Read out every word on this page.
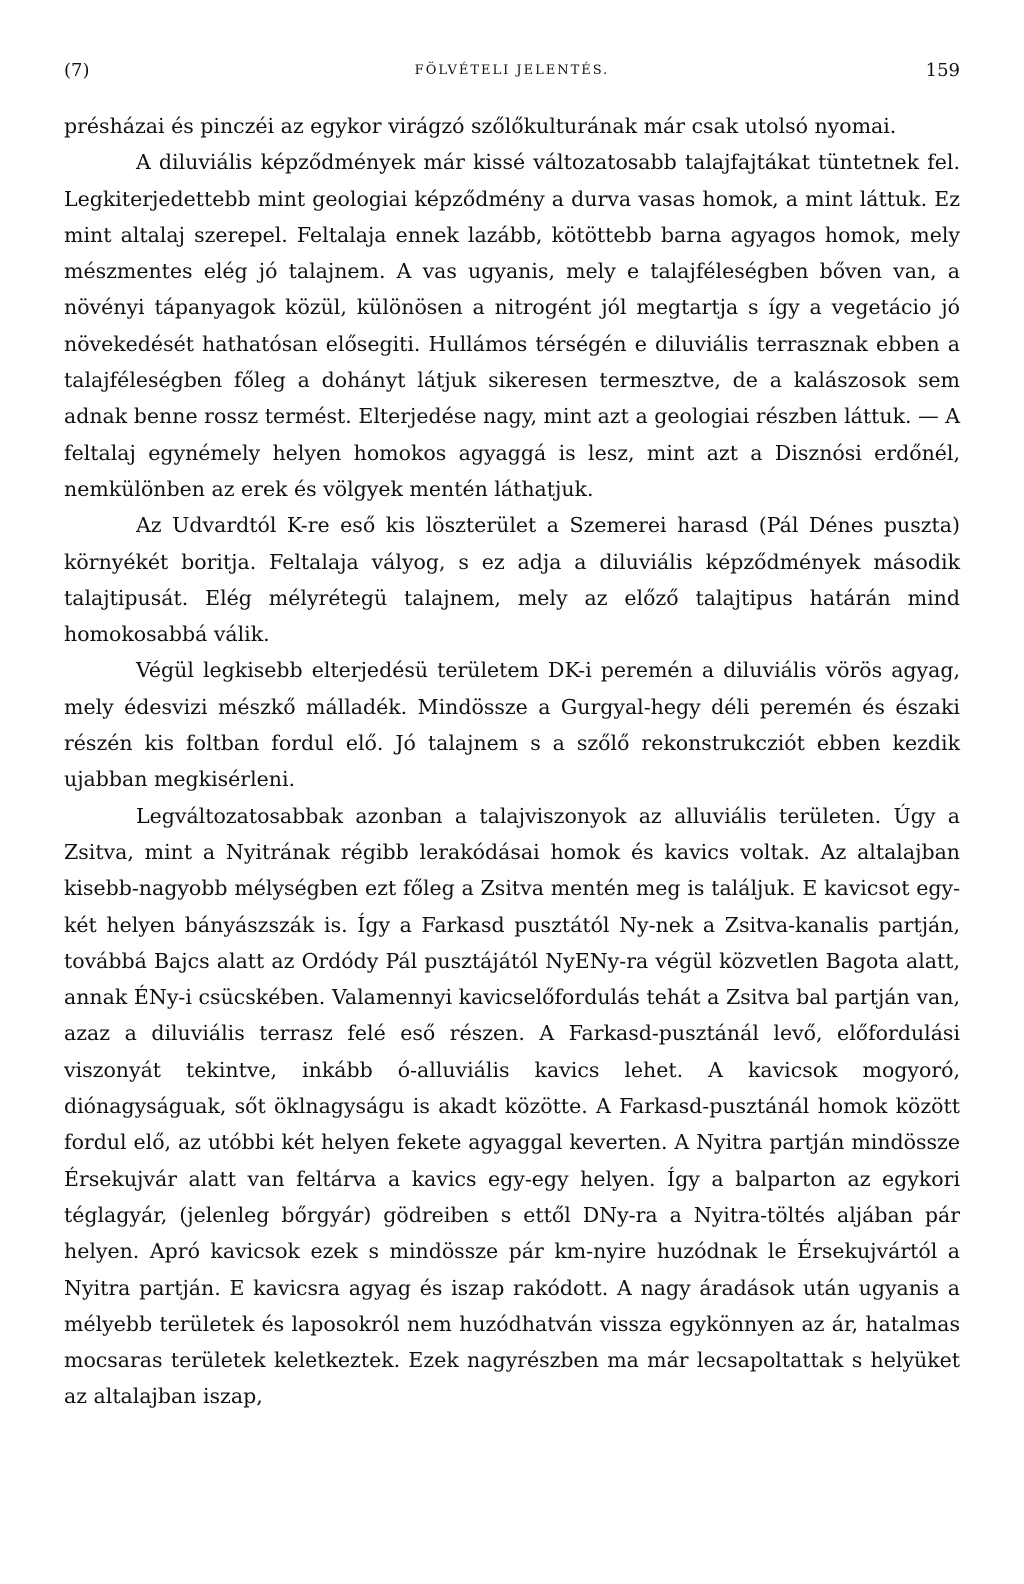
(7)	FÖLVÉTELI JELENTÉS.	159

présházai és pinczéi az egykor virágzó szőlőkulturának már csak utolsó nyomai.

A diluviális képződmények már kissé változatosabb talajfajtákat tüntetnek fel. Legkiterjedettebb mint geologiai képződmény a durva vasas homok, a mint láttuk. Ez mint altalaj szerepel. Feltalaja ennek lazább, kötöttebb barna agyagos homok, mely mészmentes elég jó talajnem. A vas ugyanis, mely e talajféleségben bőven van, a növényi tápanyagok közül, különösen a nitrogént jól megtartja s így a vegetácio jó növekedését hathatósan elősegiti. Hullámos térségén e diluviális terrasznak ebben a talajféleségben főleg a dohányt látjuk sikeresen termesztve, de a kalászosok sem adnak benne rossz termést. Elterjedése nagy, mint azt a geologiai részben láttuk. — A feltalaj egynémely helyen homokos agyaggá is lesz, mint azt a Disznósi erdőnél, nemkülönben az erek és völgyek mentén láthatjuk.

Az Udvardtól K-re eső kis löszterület a Szemerei harasd (Pál Dénes puszta) környékét boritja. Feltalaja vályog, s ez adja a diluviális képződmények második talajtipusát. Elég mélyrétegü talajnem, mely az előző talajtipus határán mind homokosabbá válik.

Végül legkisebb elterjedésü területem DK-i peremén a diluviális vörös agyag, mely édesvizi mészkő málladék. Mindössze a Gurgyal-hegy déli peremén és északi részén kis foltban fordul elő. Jó talajnem s a szőlő rekonstrukcziót ebben kezdik ujabban megkisérleni.

Legváltozatosabbak azonban a talajviszonyok az alluviális területen. Úgy a Zsitva, mint a Nyitrának régibb lerakódásai homok és kavics voltak. Az altalajban kisebb-nagyobb mélységben ezt főleg a Zsitva mentén meg is találjuk. E kavicsot egy-két helyen bányászszák is. Így a Farkasd pusztától Ny-nek a Zsitva-kanalis partján, továbbá Bajcs alatt az Ordódy Pál pusztájától NyENy-ra végül közvetlen Bagota alatt, annak ÉNy-i csücskében. Valamennyi kavicselőfordulás tehát a Zsitva bal partján van, azaz a diluviális terrasz felé eső részen. A Farkasd-pusztánál levő, előfordulási viszonyát tekintve, inkább ó-alluviális kavics lehet. A kavicsok mogyoró, diónagyságuak, sőt öklnagyságu is akadt közötte. A Farkasd-pusztánál homok között fordul elő, az utóbbi két helyen fekete agyaggal keverten. A Nyitra partján mindössze Érsekujvár alatt van feltárva a kavics egy-egy helyen. Így a balparton az egykori téglagyár, (jelenleg bőrgyár) gödreiben s ettől DNy-ra a Nyitra-töltés aljában pár helyen. Apró kavicsok ezek s mindössze pár km-nyire huzódnak le Érsekujvártól a Nyitra partján. E kavicsra agyag és iszap rakódott. A nagy áradások után ugyanis a mélyebb területek és laposokról nem huzódhatván vissza egykönnyen az ár, hatalmas mocsaras területek keletkeztek. Ezek nagyrészben ma már lecsapoltattak s helyüket az altalajban iszap,
